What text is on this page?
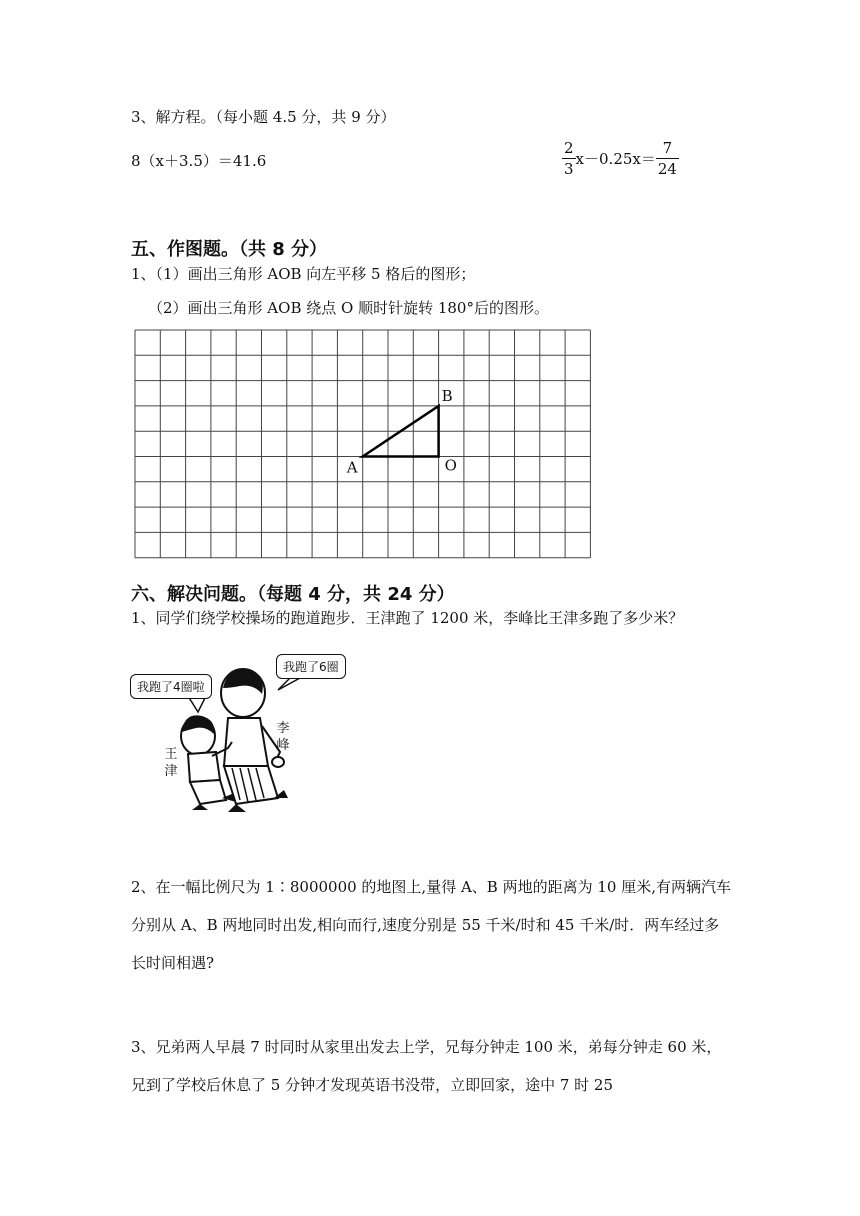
3、解方程。（每小题 4.5 分，共 9 分）
8（x＋3.5）＝41.6	$\frac{2}{3} x-0.25x= \frac{7}{24}$
五、作图题。（共 8 分）
1、（1）画出三角形 AOB 向左平移 5 格后的图形；
（2）画出三角形 AOB 绕点 O 顺时针旋转 180°后的图形。
A	O
B
六、解决问题。（每题 4 分，共 24 分）
1、同学们绕学校操场的跑道跑步．王津跑了 1200 米，李峰比王津多跑了多少米？
我跑了4圈啦
我跑了6圈
王津
李峰
2、在一幅比例尺为 1∶8000000 的地图上,量得 A、B 两地的距离为 10 厘米,有两辆汽车分别从 A、B 两地同时出发,相向而行,速度分别是 55 千米/时和 45 千米/时．两车经过多长时间相遇?
3、兄弟两人早晨 7 时同时从家里出发去上学，兄每分钟走 100 米，弟每分钟走 60 米，兄到了学校后休息了 5 分钟才发现英语书没带，立即回家，途中 7 时 25
